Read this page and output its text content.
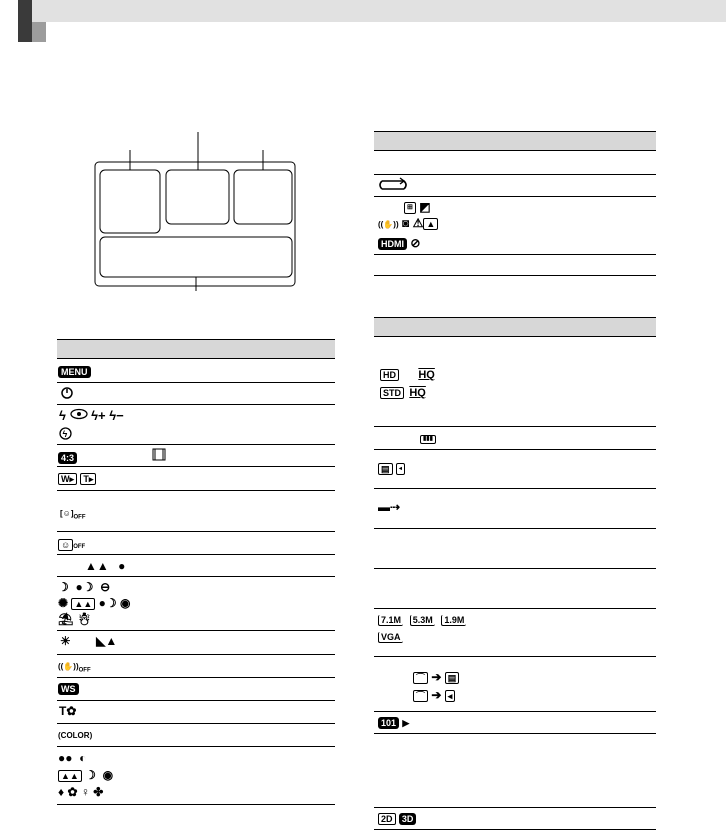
MENU
ϟ ϟ+ ϟ−
ϟ
4:3
W▸ T▸
$[☺]_{OFF}$
☺ OFF
▲▲ ●
☽ ●☽ ⊖
✺ ▲▲ ●☽ ◉
⛱ ☃
☀ ◣▲
$((✋))_{OFF}$
WS
T✿
(COLOR)
●● ◐
▲▲ ☽ ◉
♦ ✿ ♀ ✤
⊞ ◩
((✋)) ◙ ⚠ ▲
HDMI ⊘
HD HQ
STD HQ
▮▮▮
▤ ◂
▬⇢
7.1M 5.3M 1.9M
VGA
⌒ ➔ ▤
⌒ ➔ ◂
101 ▶
2D 3D
